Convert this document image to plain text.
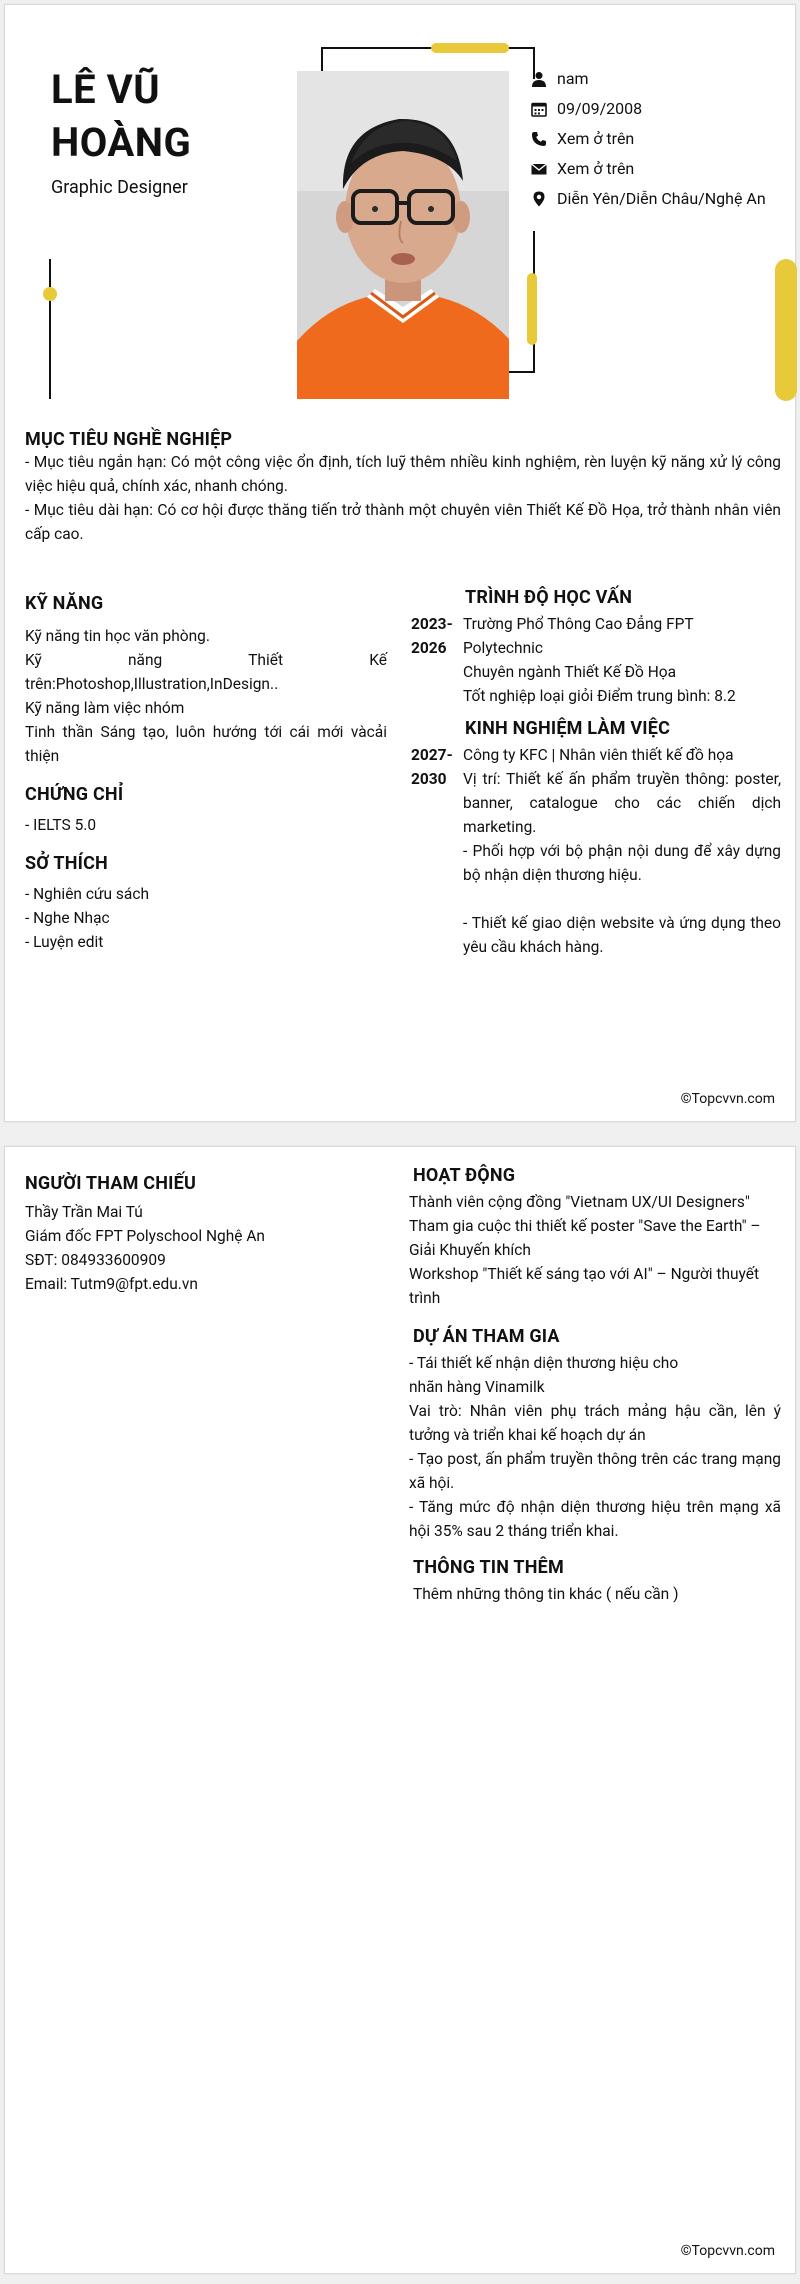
LÊ VŨ
HOÀNG
Graphic Designer
nam
09/09/2008
Xem ở trên
Xem ở trên
Diễn Yên/Diễn Châu/Nghệ An
MỤC TIÊU NGHỀ NGHIỆP
- Mục tiêu ngắn hạn: Có một công việc ổn định, tích luỹ thêm nhiều kinh nghiệm, rèn luyện kỹ năng xử lý công việc hiệu quả, chính xác, nhanh chóng.
- Mục tiêu dài hạn: Có cơ hội được thăng tiến trở thành một chuyên viên Thiết Kế Đồ Họa, trở thành nhân viên cấp cao.
KỸ NĂNG
Kỹ năng tin học văn phòng.
Kỹ năng Thiết Kế trên:Photoshop,Illustration,InDesign..
Kỹ năng làm việc nhóm
Tinh thần Sáng tạo, luôn hướng tới cái mới vàcải thiện
CHỨNG CHỈ
- IELTS 5.0
SỞ THÍCH
- Nghiên cứu sách
- Nghe Nhạc
- Luyện edit
TRÌNH ĐỘ HỌC VẤN
2023-
2026
Trường Phổ Thông Cao Đẳng FPT Polytechnic
Chuyên ngành Thiết Kế Đồ Họa
Tốt nghiệp loại giỏi Điểm trung bình: 8.2
KINH NGHIỆM LÀM VIỆC
2027-
2030
Công ty KFC | Nhân viên thiết kế đồ họa
Vị trí: Thiết kế ấn phẩm truyền thông: poster, banner, catalogue cho các chiến dịch marketing.
- Phối hợp với bộ phận nội dung để xây dựng bộ nhận diện thương hiệu.
- Thiết kế giao diện website và ứng dụng theo yêu cầu khách hàng.
©Topcvvn.com
NGƯỜI THAM CHIẾU
Thầy Trần Mai Tú
Giám đốc FPT Polyschool Nghệ An
SĐT: 084933600909
Email: Tutm9@fpt.edu.vn
HOẠT ĐỘNG
Thành viên cộng đồng "Vietnam UX/UI Designers"
Tham gia cuộc thi thiết kế poster "Save the Earth" – Giải Khuyến khích
Workshop "Thiết kế sáng tạo với AI" – Người thuyết trình
DỰ ÁN THAM GIA
- Tái thiết kế nhận diện thương hiệu cho nhãn hàng Vinamilk
Vai trò: Nhân viên phụ trách mảng hậu cần, lên ý tưởng và triển khai kế hoạch dự án
- Tạo post, ấn phẩm truyền thông trên các trang mạng xã hội.
- Tăng mức độ nhận diện thương hiệu trên mạng xã hội 35% sau 2 tháng triển khai.
THÔNG TIN THÊM
Thêm những thông tin khác ( nếu cần )
©Topcvvn.com
